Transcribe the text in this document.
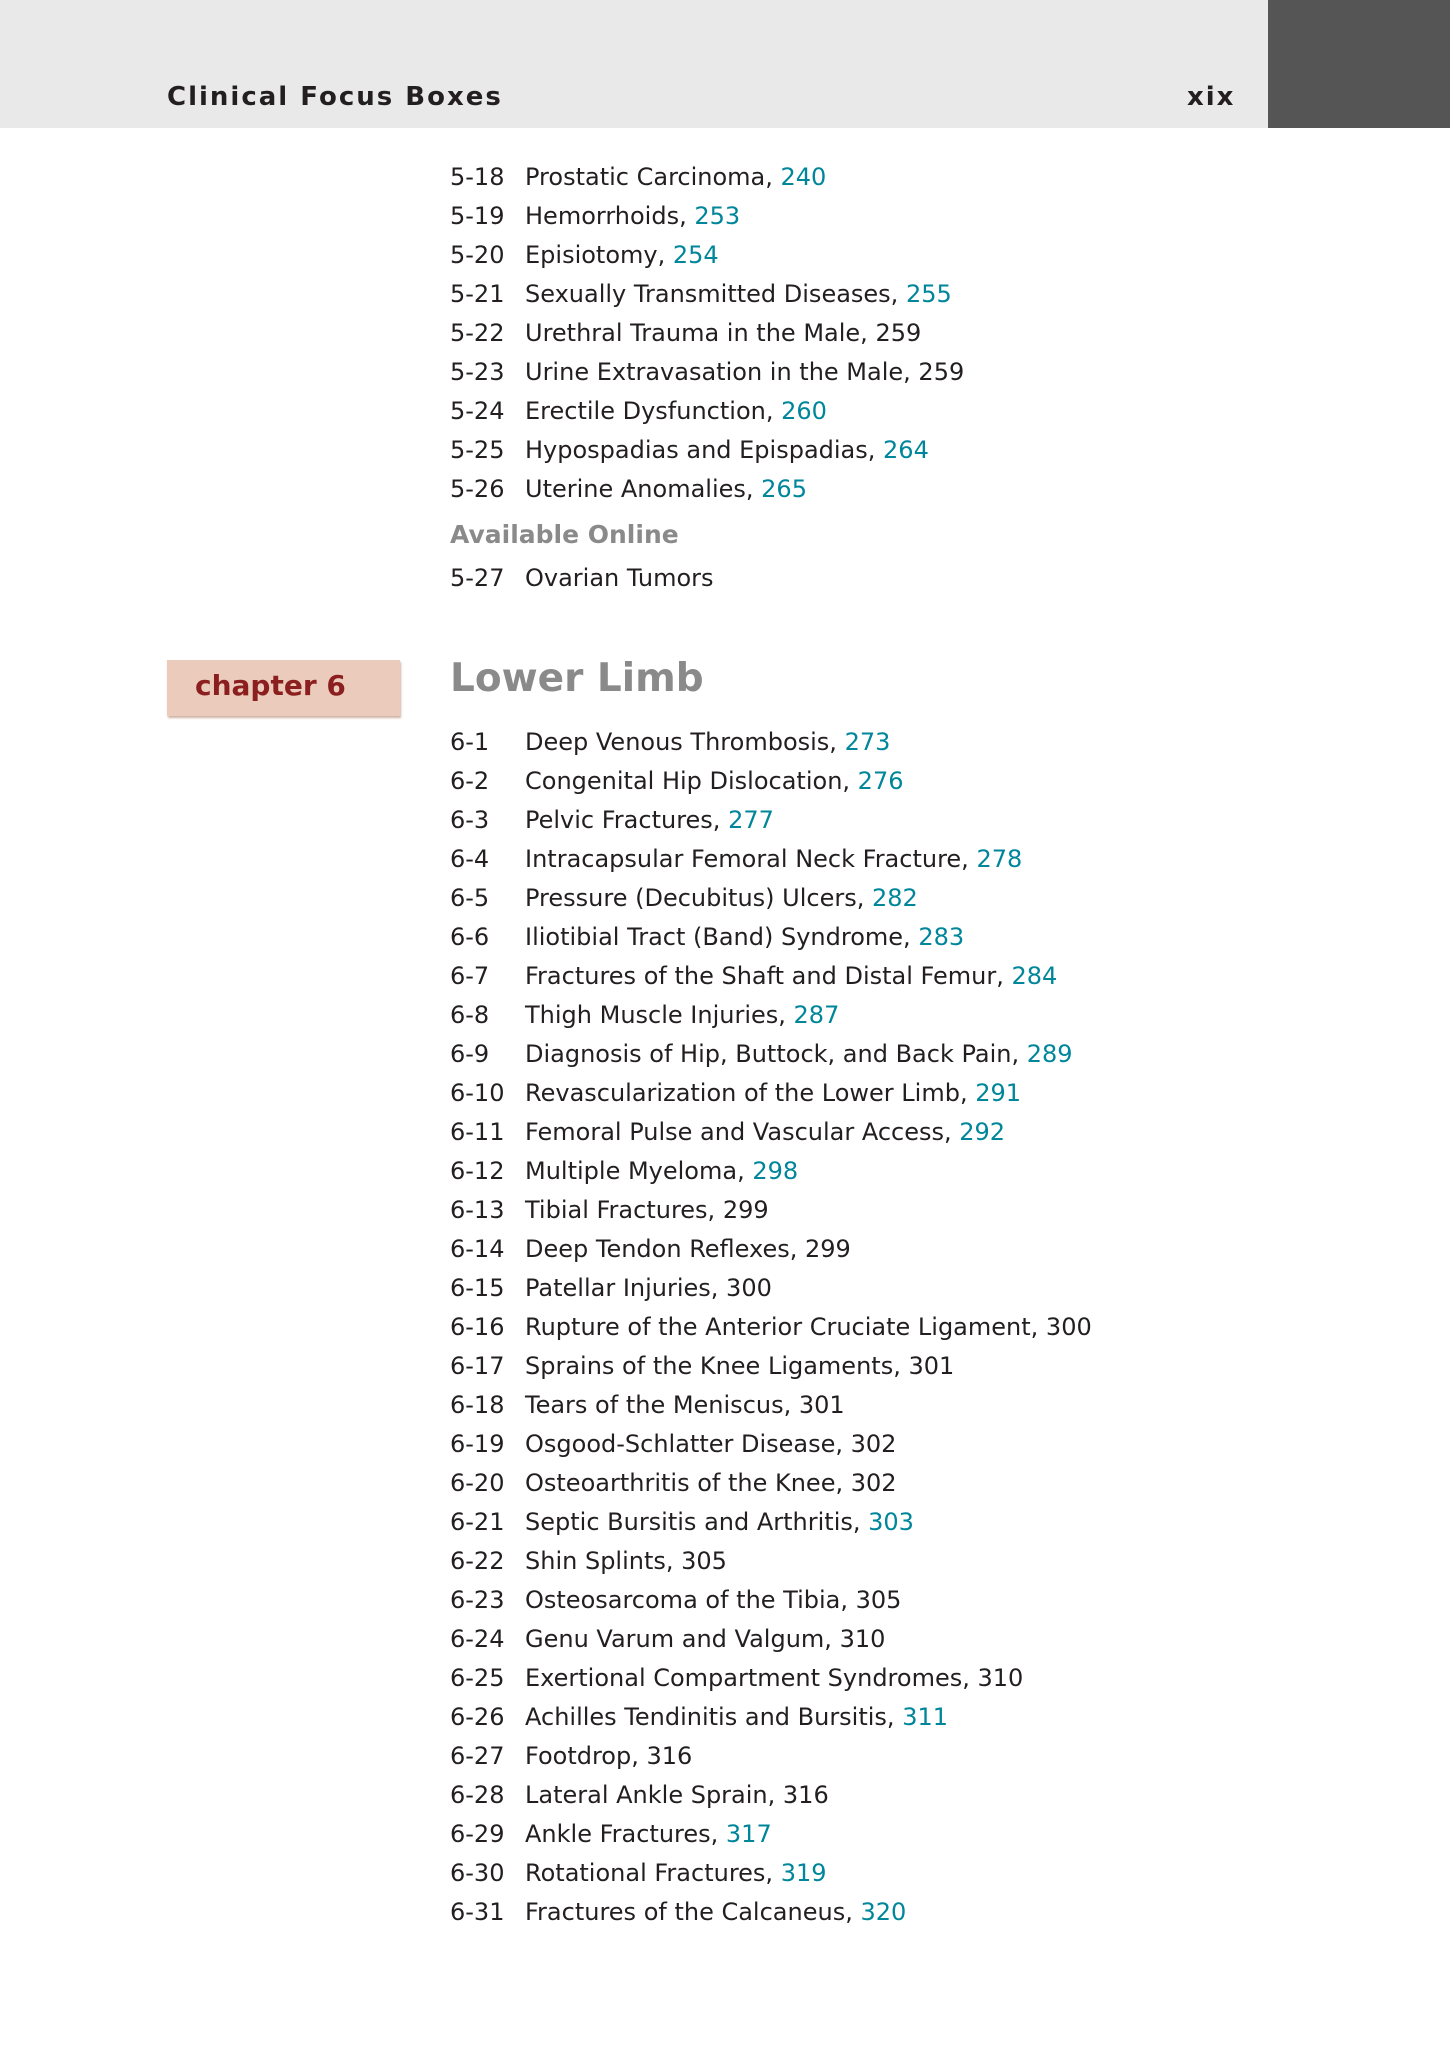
Clinical Focus Boxes	xix
5-18 Prostatic Carcinoma, 240
5-19 Hemorrhoids, 253
5-20 Episiotomy, 254
5-21 Sexually Transmitted Diseases, 255
5-22 Urethral Trauma in the Male, 259
5-23 Urine Extravasation in the Male, 259
5-24 Erectile Dysfunction, 260
5-25 Hypospadias and Epispadias, 264
5-26 Uterine Anomalies, 265
Available Online
5-27 Ovarian Tumors
chapter 6	Lower Limb
6-1 Deep Venous Thrombosis, 273
6-2 Congenital Hip Dislocation, 276
6-3 Pelvic Fractures, 277
6-4 Intracapsular Femoral Neck Fracture, 278
6-5 Pressure (Decubitus) Ulcers, 282
6-6 Iliotibial Tract (Band) Syndrome, 283
6-7 Fractures of the Shaft and Distal Femur, 284
6-8 Thigh Muscle Injuries, 287
6-9 Diagnosis of Hip, Buttock, and Back Pain, 289
6-10 Revascularization of the Lower Limb, 291
6-11 Femoral Pulse and Vascular Access, 292
6-12 Multiple Myeloma, 298
6-13 Tibial Fractures, 299
6-14 Deep Tendon Reflexes, 299
6-15 Patellar Injuries, 300
6-16 Rupture of the Anterior Cruciate Ligament, 300
6-17 Sprains of the Knee Ligaments, 301
6-18 Tears of the Meniscus, 301
6-19 Osgood-Schlatter Disease, 302
6-20 Osteoarthritis of the Knee, 302
6-21 Septic Bursitis and Arthritis, 303
6-22 Shin Splints, 305
6-23 Osteosarcoma of the Tibia, 305
6-24 Genu Varum and Valgum, 310
6-25 Exertional Compartment Syndromes, 310
6-26 Achilles Tendinitis and Bursitis, 311
6-27 Footdrop, 316
6-28 Lateral Ankle Sprain, 316
6-29 Ankle Fractures, 317
6-30 Rotational Fractures, 319
6-31 Fractures of the Calcaneus, 320
